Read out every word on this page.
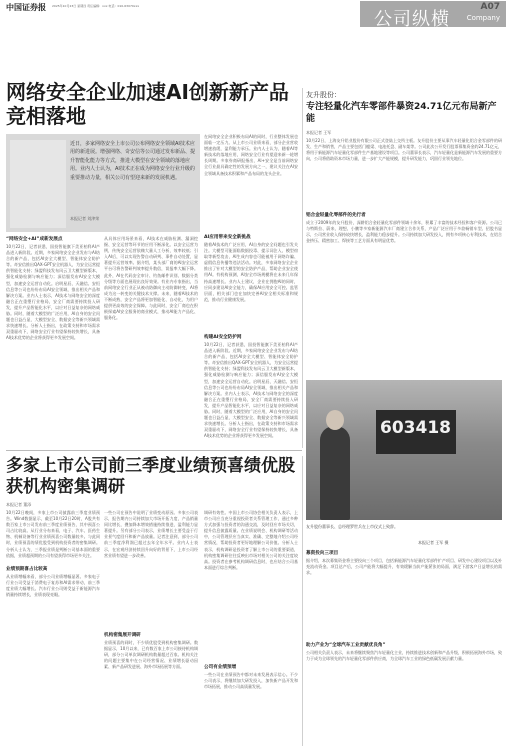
中国证券报 2025年10月23日 星期四 责任编辑：xxx 电话：010-63070xxx
公司纵横
A07
Company
网络安全企业加速AI创新新产品竞相落地
近日，多家网络安全上市公司公布网络安全领域AI技术应用的新进展。增强网络、奇安信等公司通过发布新品、提升智能化能力等方式，推进大模型在安全领域的落地应用。业内人士认为，AI技术正在成为网络安全行业升级的重要推动力量，相关公司有望迎来新的发展机遇。
本报记者 刘津荣
“网络安全+AI”成新发展点
10月22日，记者获悉，国投智能旗下美亚柏科AI产品进入新阶段。近期，多家网络安全企业发布与AI结合的新产品，包括AI安全大模型、智能体安全防护等。奇安信推出QAX-GPT安全机器人，为安全运营提供智能化支持；绿盟科技发布风云卫大模型新版本，强化威胁检测与响应能力；深信服发布AI安全大模型，加速安全运营自动化。启明星辰、天融信、安恒信息等公司也纷纷布局AI安全领域，推出相关产品和解决方案。业内人士表示，AI技术与网络安全的深度融合正在重塑行业格局，安全厂商需要持续投入研发，提升产品智能化水平，以应对日益复杂的网络威胁。同时，随着大模型的广泛应用，AI自身的安全问题也日益凸显，大模型安全、数据安全等新兴领域需求快速增长。分析人士指出，在政策支持和市场需求双重驱动下，网络安全行业有望保持较快增长，具备AI技术优势的企业将获得更多发展空间。
从具体应用场景来看，AI技术在威胁检测、漏洞挖掘、安全运营等环节的应用不断深化。以安全运营为例，传统安全运营依赖大量人工分析，效率较低；引入AI后，可以实现告警自动研判、事件自动处置，显著提升运营效率。据介绍，某头部厂商的AI安全运营平台可将告警研判效率提升数倍，误报率大幅下降。此外，AI在代码安全审计、钓鱼邮件识别、数据分类分级等方面也展现出良好效果。有业内专家指出，当前网络安全行业正从被动防御向主动防御转变，AI将成为这一转变的关键技术支撑。未来，随着AI技术的不断成熟，安全产品将更加智能化、自动化，为用户提供更高效的安全保障。与此同时，安全厂商也在积极探索AI安全服务的商业模式，推动AI能力产品化、服务化。
在网络安全企业积极布局AI的同时，行业整体发展也面临一定压力。从上市公司业绩来看，部分企业营收增速放缓，盈利能力承压。业内人士认为，随着AI等新技术的落地应用，网络安全行业有望迎来新一轮增长周期。多家券商研报指出，AI+安全是当前网络安全行业最具确定性的发展方向之一，建议关注在AI安全领域具备技术积累和产品布局的龙头企业。
AI应用带来安全新挑战
随着AI技术的广泛应用，AI自身的安全问题也引发关注。大模型可能面临数据投毒、提示词注入、模型窃取等新型攻击，AI生成内容也可能被用于网络诈骗、虚假信息传播等违法活动。对此，多家网络安全企业推出了针对大模型的安全防护产品，帮助企业安全使用AI。有机构预测，AI安全市场规模将在未来几年保持高速增长。业内人士建议，企业在拥抱AI的同时，应同步建设AI安全能力，确保AI应用安全可控。监管层面，相关部门也在加快完善AI安全相关标准和规范，推动行业健康发展。
构建AI安全防护网
10月22日，记者获悉，国投智能旗下美亚柏科AI产品进入新阶段。近期，多家网络安全企业发布与AI结合的新产品，包括AI安全大模型、智能体安全防护等。奇安信推出QAX-GPT安全机器人，为安全运营提供智能化支持；绿盟科技发布风云卫大模型新版本，强化威胁检测与响应能力；深信服发布AI安全大模型，加速安全运营自动化。启明星辰、天融信、安恒信息等公司也纷纷布局AI安全领域，推出相关产品和解决方案。业内人士表示，AI技术与网络安全的深度融合正在重塑行业格局，安全厂商需要持续投入研发，提升产品智能化水平，以应对日益复杂的网络威胁。同时，随着大模型的广泛应用，AI自身的安全问题也日益凸显，大模型安全、数据安全等新兴领域需求快速增长。分析人士指出，在政策支持和市场需求双重驱动下，网络安全行业有望保持较快增长，具备AI技术优势的企业将获得更多发展空间。
友升股份：
专注轻量化汽车零部件暴资24.71亿元布局新产能
本报记者 王军
10月22日，上海友升铝业股份有限公司正式登陆上交所主板。友升股份主要从事汽车轻量化铝合金零部件的研发、生产和销售，产品主要包括门槛梁、电池托盘、副车架等。公司此次公开发行股票募集资金约24.71亿元，将用于新能源汽车轻量化零部件生产基地建设等项目。公司董事长表示，汽车轻量化是新能源汽车发展的重要方向，公司将借助资本市场力量，进一步扩大产能规模，提升研发能力，巩固行业领先地位。
铝合金轻量化零部件的先行者
成立于2009年的友升股份，深耕铝合金轻量化零部件领域十余年，积累了丰富的技术经验和客户资源。公司已与特斯拉、蔚来、理想、小鹏等多家新能源汽车厂商建立合作关系，产品广泛应用于多款畅销车型。招股书显示，公司营业收入保持较快增长，盈利能力稳步提升。公司持续加大研发投入，拥有多项核心专利技术，在铝合金挤压、精密加工、焊接等工艺方面具有明显优势。
603418
友升股份董事长、总经理罗世兵在上市仪式上致辞。
本报记者 王军 摄
募资投向三项目
据介绍，本次募集资金将主要投向三个项目，包括新能源汽车轻量化零部件扩产项目、研发中心建设项目以及补充流动资金。项目达产后，公司产能将大幅提升，有效缓解当前产能紧张的局面，满足下游客户日益增长的需求。
助力产业为“全球汽车工业贡献优良角”
公司相关负责人表示，未来将继续聚焦汽车轻量化主业，持续推进技术创新和产品升级，积极拓展海外市场，致力于成为全球领先的汽车轻量化零部件供应商，为全球汽车工业的绿色低碳发展贡献力量。
多家上市公司前三季度业绩预喜绩优股获机构密集调研
本报记者 董添
10月22日晚间，多家上市公司披露前三季度业绩预告。Wind数据显示，截至10月22日20时，A股共有数百家上市公司发布前三季度业绩预告，其中预喜公司占比较高。从行业分布来看，电子、汽车、医药生物、机械设备等行业业绩预喜公司数量较多。与此同时，业绩预喜的绩优股受到机构投资者的密集调研。分析人士认为，三季报业绩是判断公司基本面的重要依据，业绩超预期的公司有望获得市场更多关注。
业绩预期喜占比较高
从业绩增幅来看，部分公司业绩增幅显著。多家电子行业公司受益于消费电子复苏和AI需求带动，前三季度业绩大幅增长。汽车行业公司则受益于新能源汽车销量持续增长，业绩表现亮眼。
一些公司在预告中说明了业绩变动原因。多家公司表示，报告期内公司持续加大市场开拓力度，产品销量同比增长，叠加降本增效措施持续推进，盈利能力显著提升。另有部分公司表示，业绩增长主要受益于行业景气度回升和新产品放量。记者注意到，部分公司前三季度净利润已超过去年全年水平。业内人士表示，在宏观经济持续回升向好的背景下，上市公司经营业绩有望进一步改善。
机构密集展开调研
业绩预喜的同时，不少绩优股受到机构密集调研。数据显示，10月以来，已有数百家上市公司接待机构调研，部分公司单次调研机构数量超过百家。机构关注的问题主要集中在公司经营情况、业绩增长驱动因素、新产品研发进展、海外市场拓展等方面。
调研有效性。中国上市公司协会相关负责人表示，上市公司应当充分重视投资者关系管理工作，通过多种方式加强与投资者的沟通交流，及时回应市场关切，提升信息披露质量。在业绩说明会、机构调研等活动中，公司管理层应当真实、准确、完整地介绍公司经营情况，帮助投资者更好地理解公司价值。分析人士表示，机构调研是投资者了解上市公司的重要渠道，机构密集调研往往反映出市场对相关公司的关注度较高。投资者在参考机构调研信息时，也应结合公司基本面进行综合判断。
公司有业绩预增
一些公司在业绩预告中都对未来发展表示信心。不少公司表示，将继续加大研发投入，加快新产品开发和市场拓展，推动公司高质量发展。
